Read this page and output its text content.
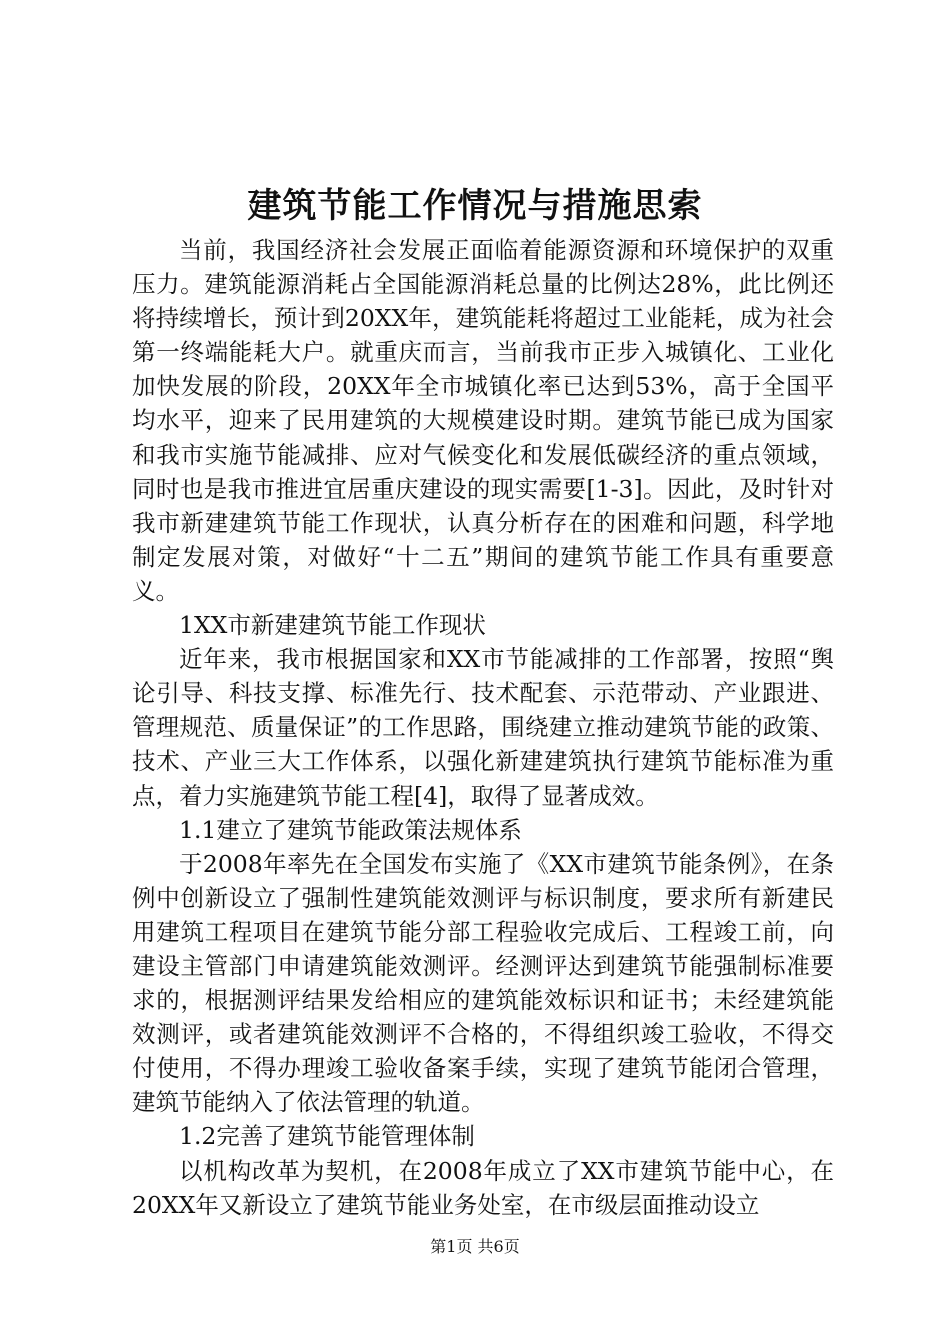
建筑节能工作情况与措施思索

当前，我国经济社会发展正面临着能源资源和环境保护的双重压力。建筑能源消耗占全国能源消耗总量的比例达28%，此比例还将持续增长，预计到20XX年，建筑能耗将超过工业能耗，成为社会第一终端能耗大户。就重庆而言，当前我市正步入城镇化、工业化加快发展的阶段，20XX年全市城镇化率已达到53%，高于全国平均水平，迎来了民用建筑的大规模建设时期。建筑节能已成为国家和我市实施节能减排、应对气候变化和发展低碳经济的重点领域，同时也是我市推进宜居重庆建设的现实需要[1-3]。因此，及时针对我市新建建筑节能工作现状，认真分析存在的困难和问题，科学地制定发展对策，对做好“十二五”期间的建筑节能工作具有重要意义。

1XX市新建建筑节能工作现状

近年来，我市根据国家和XX市节能减排的工作部署，按照“舆论引导、科技支撑、标准先行、技术配套、示范带动、产业跟进、管理规范、质量保证”的工作思路，围绕建立推动建筑节能的政策、技术、产业三大工作体系，以强化新建建筑执行建筑节能标准为重点，着力实施建筑节能工程[4]，取得了显著成效。

1.1建立了建筑节能政策法规体系

于2008年率先在全国发布实施了《XX市建筑节能条例》，在条例中创新设立了强制性建筑能效测评与标识制度，要求所有新建民用建筑工程项目在建筑节能分部工程验收完成后、工程竣工前，向建设主管部门申请建筑能效测评。经测评达到建筑节能强制标准要求的，根据测评结果发给相应的建筑能效标识和证书；未经建筑能效测评，或者建筑能效测评不合格的，不得组织竣工验收，不得交付使用，不得办理竣工验收备案手续，实现了建筑节能闭合管理，建筑节能纳入了依法管理的轨道。

1.2完善了建筑节能管理体制

以机构改革为契机，在2008年成立了XX市建筑节能中心，在20XX年又新设立了建筑节能业务处室，在市级层面推动设立

第1页 共6页
